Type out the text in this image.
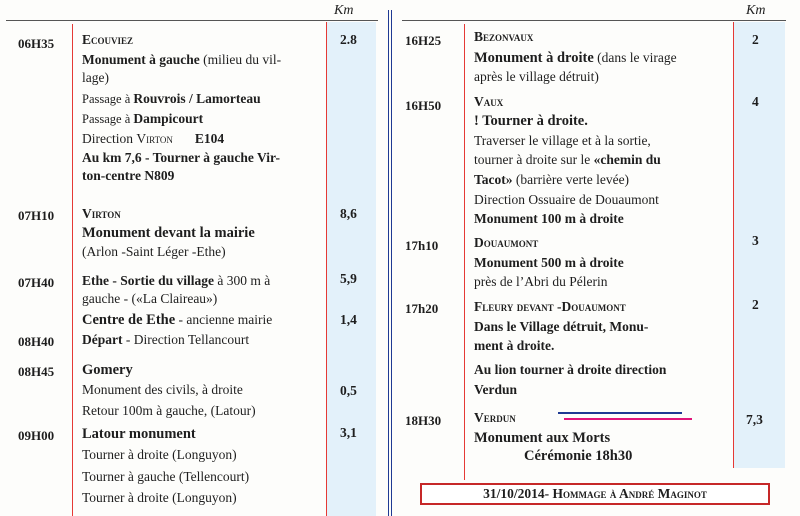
Km	Km
06H35 Ecouviez	2.8
Monument à gauche (milieu du vil-
lage)
Passage à Rouvrois / Lamorteau
Passage à Dampicourt
Direction Virton E104
Au km 7,6 - Tourner à gauche Vir-
ton-centre N809
07H10 Virton	8,6
Monument devant la mairie
(Arlon -Saint Léger -Ethe)
07H40 Ethe - Sortie du village à 300 m à	5,9
gauche - («La Claireau»)
Centre de Ethe - ancienne mairie	1,4
08H40 Départ - Direction Tellancourt
08H45 Gomery
Monument des civils, à droite	0,5
Retour 100m à gauche, (Latour)
09H00 Latour monument	3,1
Tourner à droite (Longuyon)
Tourner à gauche (Tellencourt)
Tourner à droite (Longuyon)
16H25 Bezonvaux	2
Monument à droite (dans le virage
après le village détruit)
16H50 Vaux	4
! Tourner à droite.
Traverser le village et à la sortie,
tourner à droite sur le «chemin du
Tacot» (barrière verte levée)
Direction Ossuaire de Douaumont
Monument 100 m à droite
17h10	Douaumont	3
Monument 500 m à droite
près de l’Abri du Pélerin
17h20	Fleury devant -Douaumont	2
Dans le Village détruit, Monu-
ment à droite.
Au lion tourner à droite direction
Verdun
18H30 Verdun	7,3
Monument aux Morts
Cérémonie 18h30
31/10/2014 - Hommage à André Maginot
